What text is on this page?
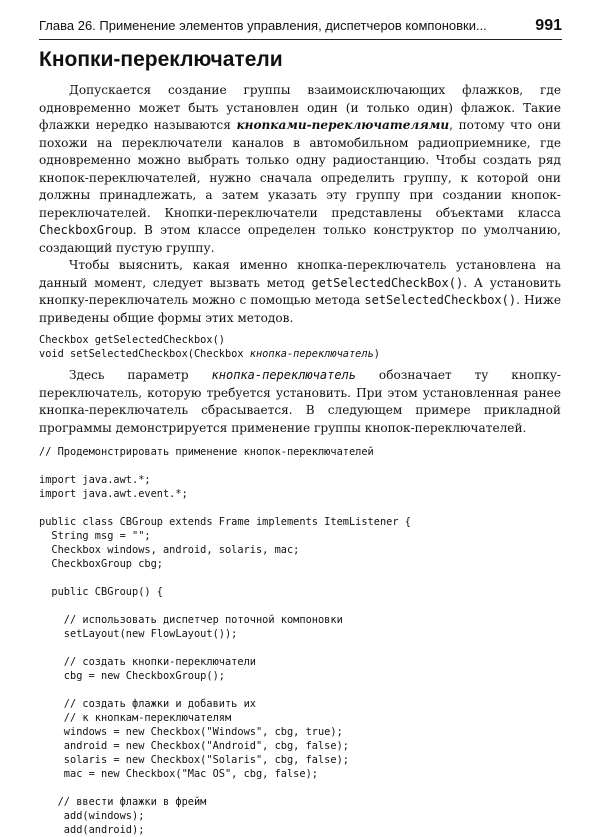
Глава 26. Применение элементов управления, диспетчеров компоновки...	991
Кнопки-переключатели

Допускается создание группы взаимоисключающих флажков, где одновременно может быть установлен один (и только один) флажок. Такие флажки нередко называются кнопками-переключателями, потому что они похожи на переключатели каналов в автомобильном радиоприемнике, где одновременно можно выбрать только одну радиостанцию. Чтобы создать ряд кнопок-переключателей, нужно сначала определить группу, к которой они должны принадлежать, а затем указать эту группу при создании кнопок-переключателей. Кнопки-переключатели представлены объектами класса CheckboxGroup. В этом классе определен только конструктор по умолчанию, создающий пустую группу.

Чтобы выяснить, какая именно кнопка-переключатель установлена на данный момент, следует вызвать метод getSelectedCheckBox(). А установить кнопку-переключатель можно с помощью метода setSelectedCheckbox(). Ниже приведены общие формы этих методов.

Checkbox getSelectedCheckbox()
void setSelectedCheckbox(Checkbox кнопка-переключатель)

Здесь параметр кнопка-переключатель обозначает ту кнопку-переключатель, которую требуется установить. При этом установленная ранее кнопка-переключатель сбрасывается. В следующем примере прикладной программы демонстрируется применение группы кнопок-переключателей.

// Продемонстрировать применение кнопок-переключателей

import java.awt.*;
import java.awt.event.*;

public class CBGroup extends Frame implements ItemListener {
String msg = "";
Checkbox windows, android, solaris, mac;
CheckboxGroup cbg;

public CBGroup() {

// использовать диспетчер поточной компоновки
setLayout(new FlowLayout());

// создать кнопки-переключатели
cbg = new CheckboxGroup();

// создать флажки и добавить их
// к кнопкам-переключателям
windows = new Checkbox("Windows", cbg, true);
android = new Checkbox("Android", cbg, false);
solaris = new Checkbox("Solaris", cbg, false);
mac = new Checkbox("Mac OS", cbg, false);

// ввести флажки в фрейм
add(windows);
add(android);
